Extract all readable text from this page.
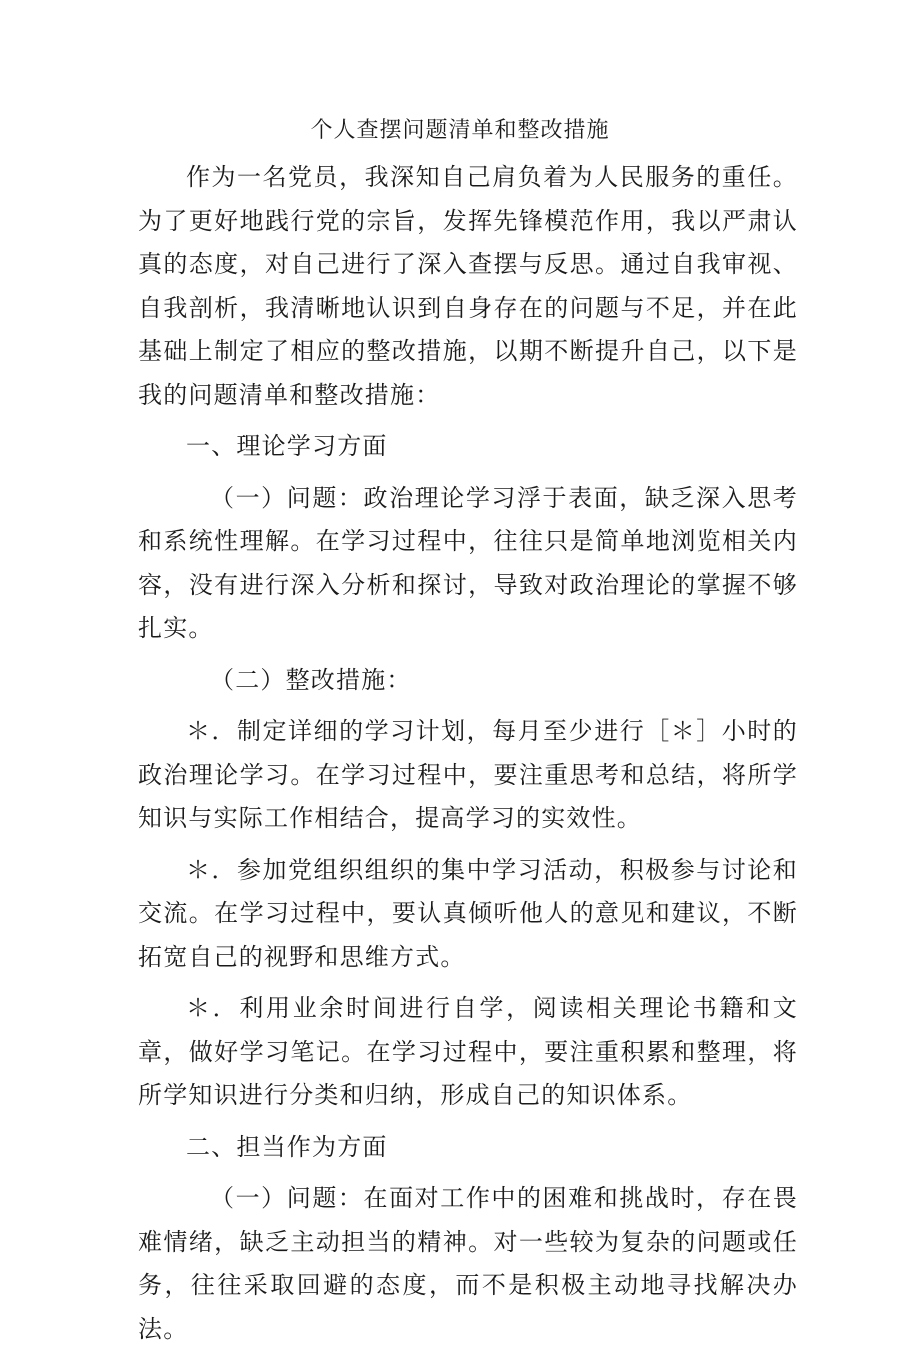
个人查摆问题清单和整改措施

作为一名党员，我深知自己肩负着为人民服务的重任。为了更好地践行党的宗旨，发挥先锋模范作用，我以严肃认真的态度，对自己进行了深入查摆与反思。通过自我审视、自我剖析，我清晰地认识到自身存在的问题与不足，并在此基础上制定了相应的整改措施，以期不断提升自己，以下是我的问题清单和整改措施：

一、理论学习方面

（一）问题：政治理论学习浮于表面，缺乏深入思考和系统性理解。在学习过程中，往往只是简单地浏览相关内容，没有进行深入分析和探讨，导致对政治理论的掌握不够扎实。

（二）整改措施：

＊．制定详细的学习计划，每月至少进行［＊］小时的政治理论学习。在学习过程中，要注重思考和总结，将所学知识与实际工作相结合，提高学习的实效性。

＊．参加党组织组织的集中学习活动，积极参与讨论和交流。在学习过程中，要认真倾听他人的意见和建议，不断拓宽自己的视野和思维方式。

＊．利用业余时间进行自学，阅读相关理论书籍和文章，做好学习笔记。在学习过程中，要注重积累和整理，将所学知识进行分类和归纳，形成自己的知识体系。

二、担当作为方面

（一）问题：在面对工作中的困难和挑战时，存在畏难情绪，缺乏主动担当的精神。对一些较为复杂的问题或任务，往往采取回避的态度，而不是积极主动地寻找解决办法。
